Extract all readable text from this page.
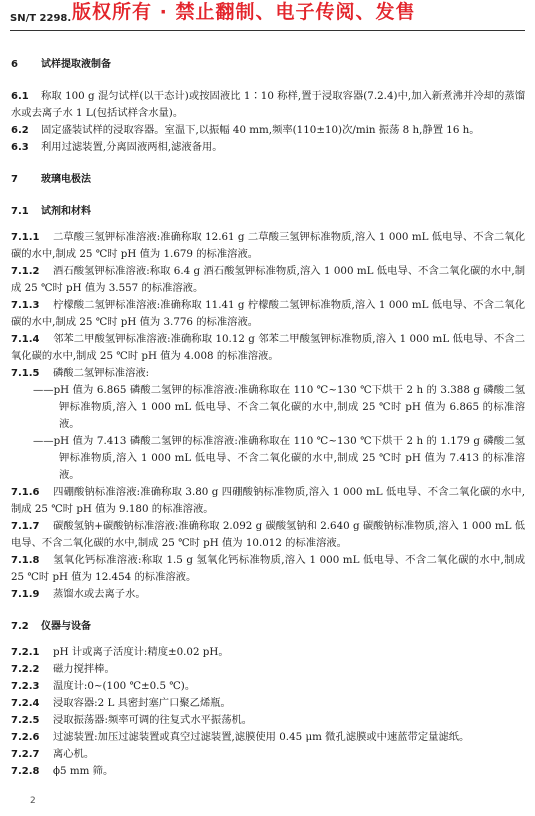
SN/T 2298. 版权所有 · 禁止翻制、电子传阅、发售

6 试样提取液制备

6.1 称取 100 g 混匀试样(以干态计)或按固液比 1∶10 称样,置于浸取容器(7.2.4)中,加入新煮沸并冷却的蒸馏水或去离子水 1 L(包括试样含水量)。

6.2 固定盛装试样的浸取容器。室温下,以振幅 40 mm,频率(110±10)次/min 振荡 8 h,静置 16 h。

6.3 利用过滤装置,分离固液两相,滤液备用。

7 玻璃电极法

7.1 试剂和材料

7.1.1 二草酸三氢钾标准溶液:准确称取 12.61 g 二草酸三氢钾标准物质,溶入 1 000 mL 低电导、不含二氧化碳的水中,制成 25 ℃时 pH 值为 1.679 的标准溶液。

7.1.2 酒石酸氢钾标准溶液:称取 6.4 g 酒石酸氢钾标准物质,溶入 1 000 mL 低电导、不含二氧化碳的水中,制成 25 ℃时 pH 值为 3.557 的标准溶液。

7.1.3 柠檬酸二氢钾标准溶液:准确称取 11.41 g 柠檬酸二氢钾标准物质,溶入 1 000 mL 低电导、不含二氧化碳的水中,制成 25 ℃时 pH 值为 3.776 的标准溶液。

7.1.4 邻苯二甲酸氢钾标准溶液:准确称取 10.12 g 邻苯二甲酸氢钾标准物质,溶入 1 000 mL 低电导、不含二氧化碳的水中,制成 25 ℃时 pH 值为 4.008 的标准溶液。

7.1.5 磷酸二氢钾标准溶液:

——pH 值为 6.865 磷酸二氢钾的标准溶液:准确称取在 110 ℃~130 ℃下烘干 2 h 的 3.388 g 磷酸二氢钾标准物质,溶入 1 000 mL 低电导、不含二氧化碳的水中,制成 25 ℃时 pH 值为 6.865 的标准溶液。

——pH 值为 7.413 磷酸二氢钾的标准溶液:准确称取在 110 ℃~130 ℃下烘干 2 h 的 1.179 g 磷酸二氢钾标准物质,溶入 1 000 mL 低电导、不含二氧化碳的水中,制成 25 ℃时 pH 值为 7.413 的标准溶液。

7.1.6 四硼酸钠标准溶液:准确称取 3.80 g 四硼酸钠标准物质,溶入 1 000 mL 低电导、不含二氧化碳的水中,制成 25 ℃时 pH 值为 9.180 的标准溶液。

7.1.7 碳酸氢钠+碳酸钠标准溶液:准确称取 2.092 g 碳酸氢钠和 2.640 g 碳酸钠标准物质,溶入 1 000 mL 低电导、不含二氧化碳的水中,制成 25 ℃时 pH 值为 10.012 的标准溶液。

7.1.8 氢氧化钙标准溶液:称取 1.5 g 氢氧化钙标准物质,溶入 1 000 mL 低电导、不含二氧化碳的水中,制成 25 ℃时 pH 值为 12.454 的标准溶液。

7.1.9 蒸馏水或去离子水。

7.2 仪器与设备

7.2.1 pH 计或离子活度计:精度±0.02 pH。

7.2.2 磁力搅拌棒。

7.2.3 温度计:0~(100 ℃±0.5 ℃)。

7.2.4 浸取容器:2 L 具密封塞广口聚乙烯瓶。

7.2.5 浸取振荡器:频率可调的往复式水平振荡机。

7.2.6 过滤装置:加压过滤装置或真空过滤装置,滤膜使用 0.45 μm 微孔滤膜或中速蓝带定量滤纸。

7.2.7 离心机。

7.2.8 ϕ5 mm 筛。

2
